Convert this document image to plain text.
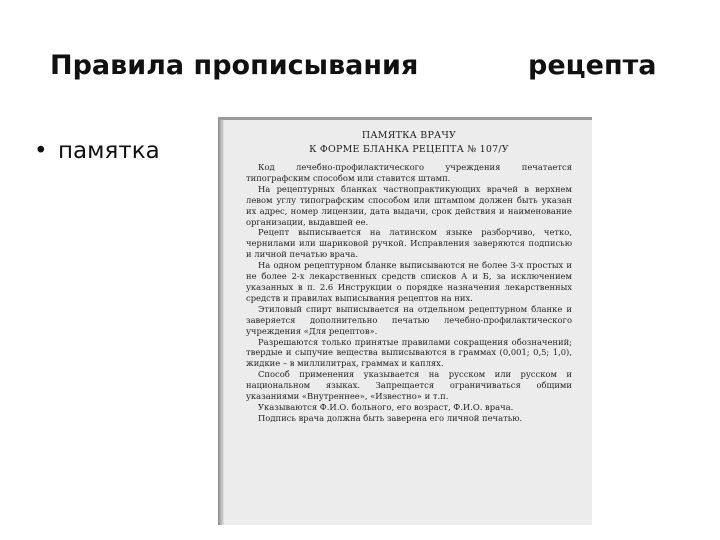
Правила прописывания	рецепта
• памятка
ПАМЯТКА ВРАЧУ
К ФОРМЕ БЛАНКА РЕЦЕПТА № 107/У

Код лечебно-профилактического учреждения печатается типографским способом или ставится штамп.

На рецептурных бланках частнопрактикующих врачей в верхнем левом углу типографским способом или штампом должен быть указан их адрес, номер лицензии, дата выдачи, срок действия и наименование организации, выдавшей ее.

Рецепт выписывается на латинском языке разборчиво, четко, чернилами или шариковой ручкой. Исправления заверяются подписью и личной печатью врача.

На одном рецептурном бланке выписываются не более 3-х простых и не более 2-х лекарственных средств списков А и Б, за исключением указанных в п. 2.6 Инструкции о порядке назначения лекарственных средств и правилах выписывания рецептов на них.

Этиловый спирт выписывается на отдельном рецептурном бланке и заверяется дополнительно печатью лечебно-профилактического учреждения «Для рецептов».

Разрешаются только принятые правилами сокращения обозначений; твердые и сыпучие вещества выписываются в граммах (0,001; 0,5; 1,0), жидкие – в миллилитрах, граммах и каплях.

Способ применения указывается на русском или русском и национальном языках. Запрещается ограничиваться общими указаниями «Внутреннее», «Известно» и т.п.

Указываются Ф.И.О. больного, его возраст, Ф.И.О. врача.

Подпись врача должна быть заверена его личной печатью.
